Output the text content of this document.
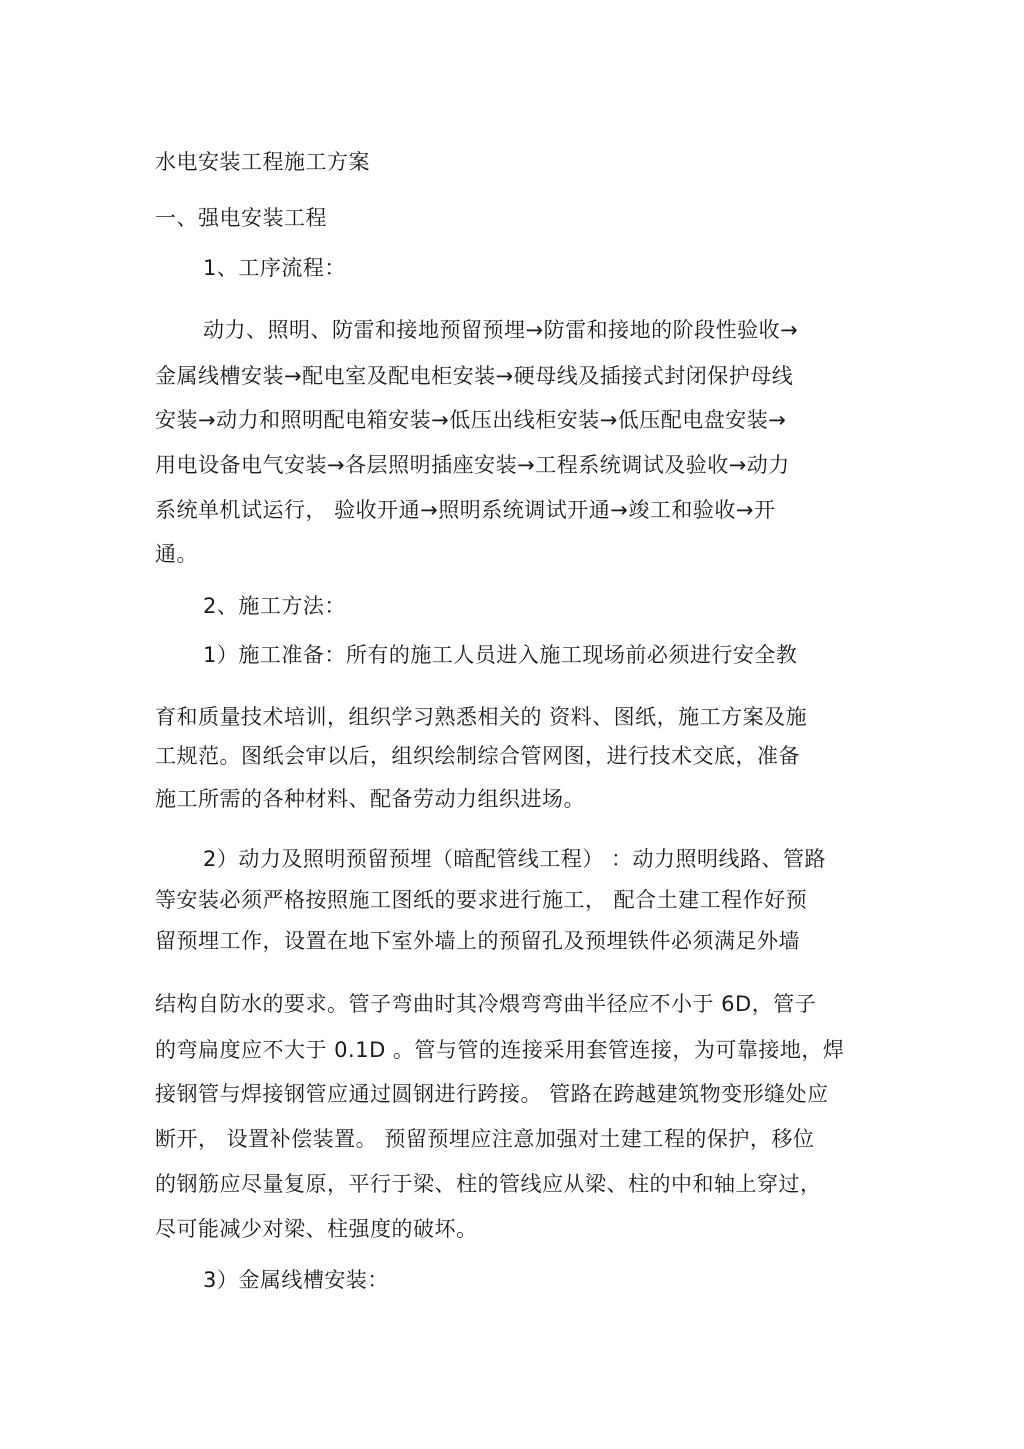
水电安装工程施工方案
一、强电安装工程
1、工序流程：
动力、照明、防雷和接地预留预埋→防雷和接地的阶段性验收→
金属线槽安装→配电室及配电柜安装→硬母线及插接式封闭保护母线
安装→动力和照明配电箱安装→低压出线柜安装→低压配电盘安装→
用电设备电气安装→各层照明插座安装→工程系统调试及验收→动力
系统单机试运行， 验收开通→照明系统调试开通→竣工和验收→开
通。
2、施工方法：
1）施工准备：所有的施工人员进入施工现场前必须进行安全教
育和质量技术培训，组织学习熟悉相关的 资料、图纸，施工方案及施
工规范。图纸会审以后，组织绘制综合管网图，进行技术交底，准备
施工所需的各种材料、配备劳动力组织进场。
2）动力及照明预留预埋（暗配管线工程） ：动力照明线路、管路
等安装必须严格按照施工图纸的要求进行施工， 配合土建工程作好预
留预埋工作，设置在地下室外墙上的预留孔及预埋铁件必须满足外墙
结构自防水的要求。管子弯曲时其冷煨弯弯曲半径应不小于 6D，管子
的弯扁度应不大于 0.1D 。管与管的连接采用套管连接，为可靠接地，焊
接钢管与焊接钢管应通过圆钢进行跨接。 管路在跨越建筑物变形缝处应
断开， 设置补偿装置。 预留预埋应注意加强对土建工程的保护，移位
的钢筋应尽量复原，平行于梁、柱的管线应从梁、柱的中和轴上穿过，
尽可能减少对梁、柱强度的破坏。
3）金属线槽安装：
